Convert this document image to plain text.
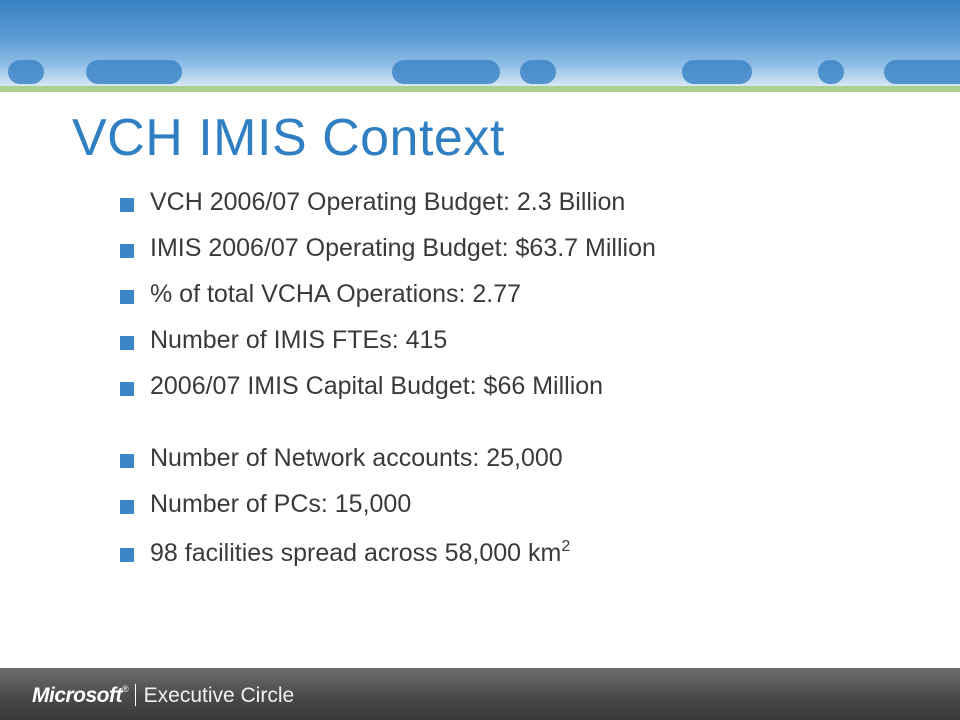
VCH IMIS Context
VCH 2006/07 Operating Budget: 2.3 Billion
IMIS 2006/07 Operating Budget: $63.7 Million
% of total VCHA Operations: 2.77
Number of IMIS FTEs: 415
2006/07 IMIS Capital Budget: $66 Million
Number of Network accounts: 25,000
Number of PCs: 15,000
98 facilities spread across 58,000 $km^2$
Microsoft® Executive Circle
